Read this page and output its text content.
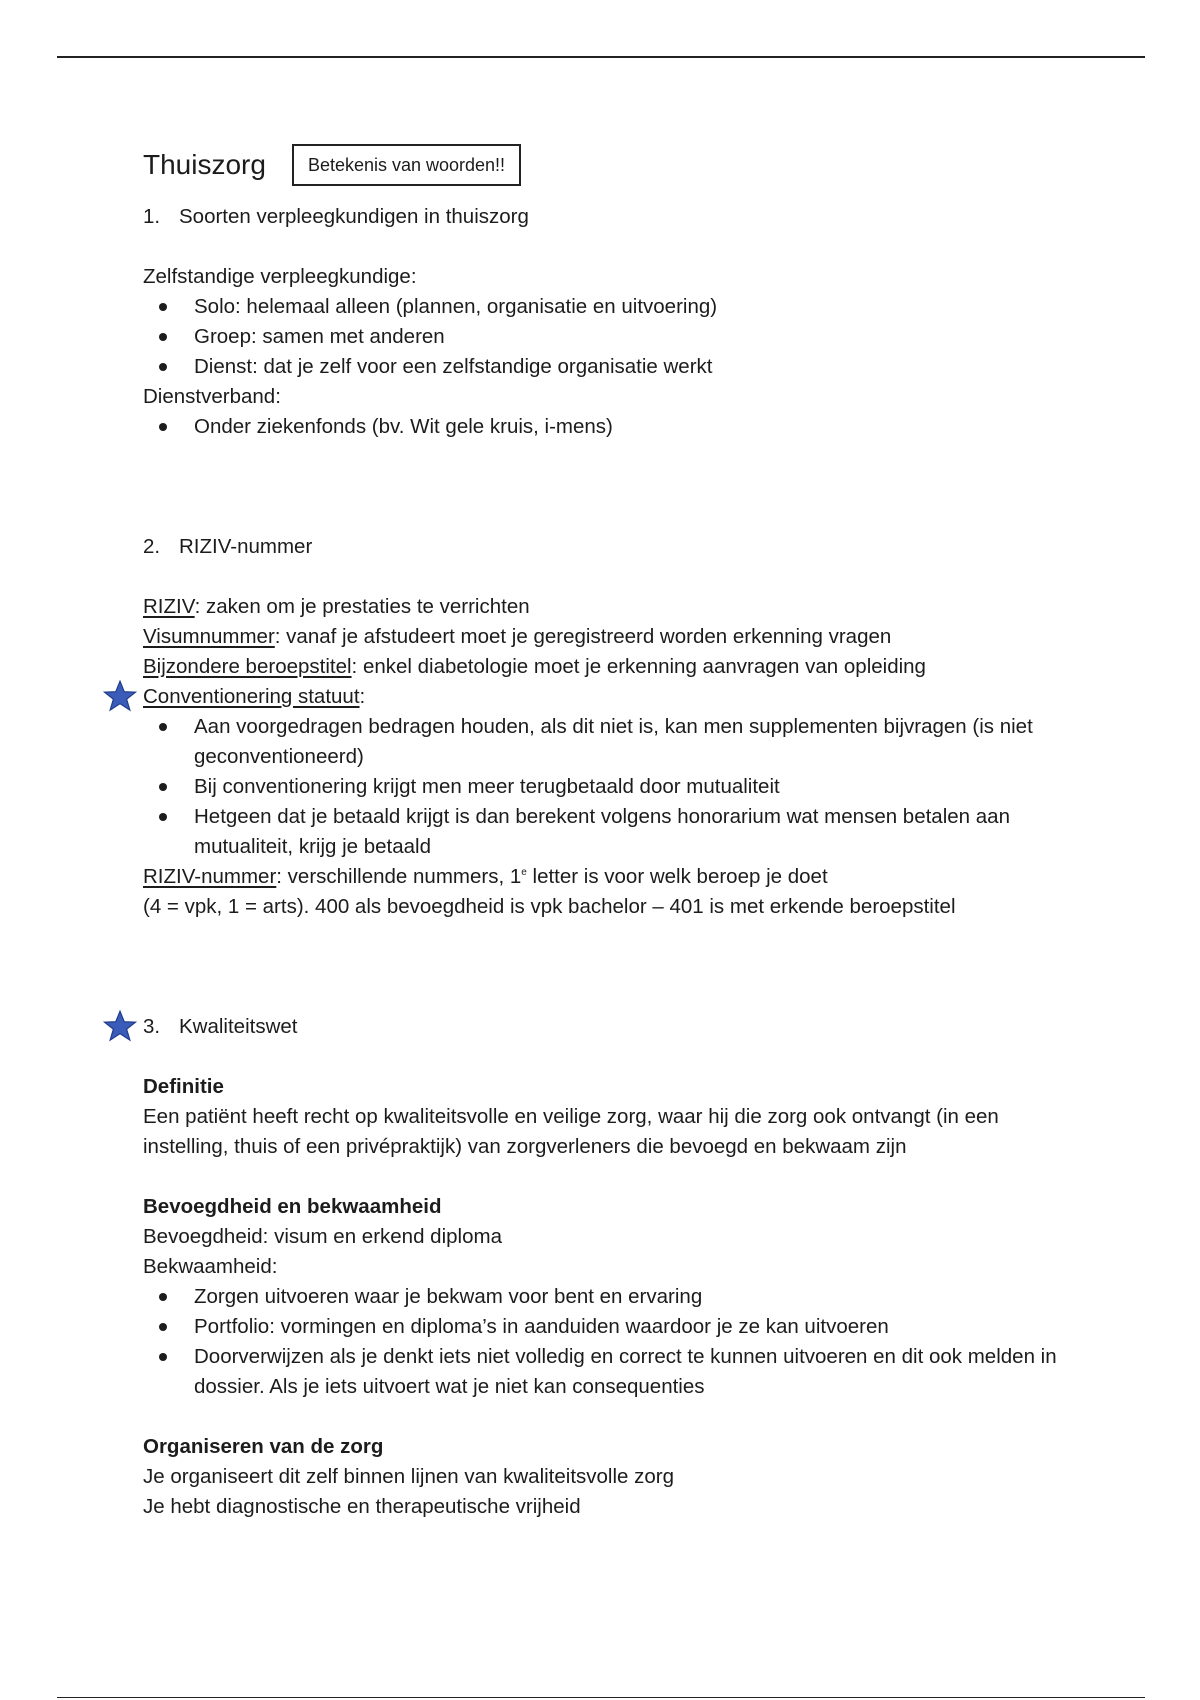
Thuiszorg	Betekenis van woorden!!
1. Soorten verpleegkundigen in thuiszorg
Zelfstandige verpleegkundige:
Solo: helemaal alleen (plannen, organisatie en uitvoering)
Groep: samen met anderen
Dienst: dat je zelf voor een zelfstandige organisatie werkt
Dienstverband:
Onder ziekenfonds (bv. Wit gele kruis, i-mens)
2. RIZIV-nummer
RIZIV: zaken om je prestaties te verrichten
Visumnummer: vanaf je afstudeert moet je geregistreerd worden erkenning vragen
Bijzondere beroepstitel: enkel diabetologie moet je erkenning aanvragen van opleiding
Conventionering statuut:
Aan voorgedragen bedragen houden, als dit niet is, kan men supplementen bijvragen (is niet geconventioneerd)
Bij conventionering krijgt men meer terugbetaald door mutualiteit
Hetgeen dat je betaald krijgt is dan berekent volgens honorarium wat mensen betalen aan mutualiteit, krijg je betaald
RIZIV-nummer: verschillende nummers, 1e letter is voor welk beroep je doet
(4 = vpk, 1 = arts). 400 als bevoegdheid is vpk bachelor – 401 is met erkende beroepstitel
3. Kwaliteitswet
Definitie
Een patiënt heeft recht op kwaliteitsvolle en veilige zorg, waar hij die zorg ook ontvangt (in een instelling, thuis of een privépraktijk) van zorgverleners die bevoegd en bekwaam zijn
Bevoegdheid en bekwaamheid
Bevoegdheid: visum en erkend diploma
Bekwaamheid:
Zorgen uitvoeren waar je bekwam voor bent en ervaring
Portfolio: vormingen en diploma’s in aanduiden waardoor je ze kan uitvoeren
Doorverwijzen als je denkt iets niet volledig en correct te kunnen uitvoeren en dit ook melden in dossier. Als je iets uitvoert wat je niet kan consequenties
Organiseren van de zorg
Je organiseert dit zelf binnen lijnen van kwaliteitsvolle zorg
Je hebt diagnostische en therapeutische vrijheid
